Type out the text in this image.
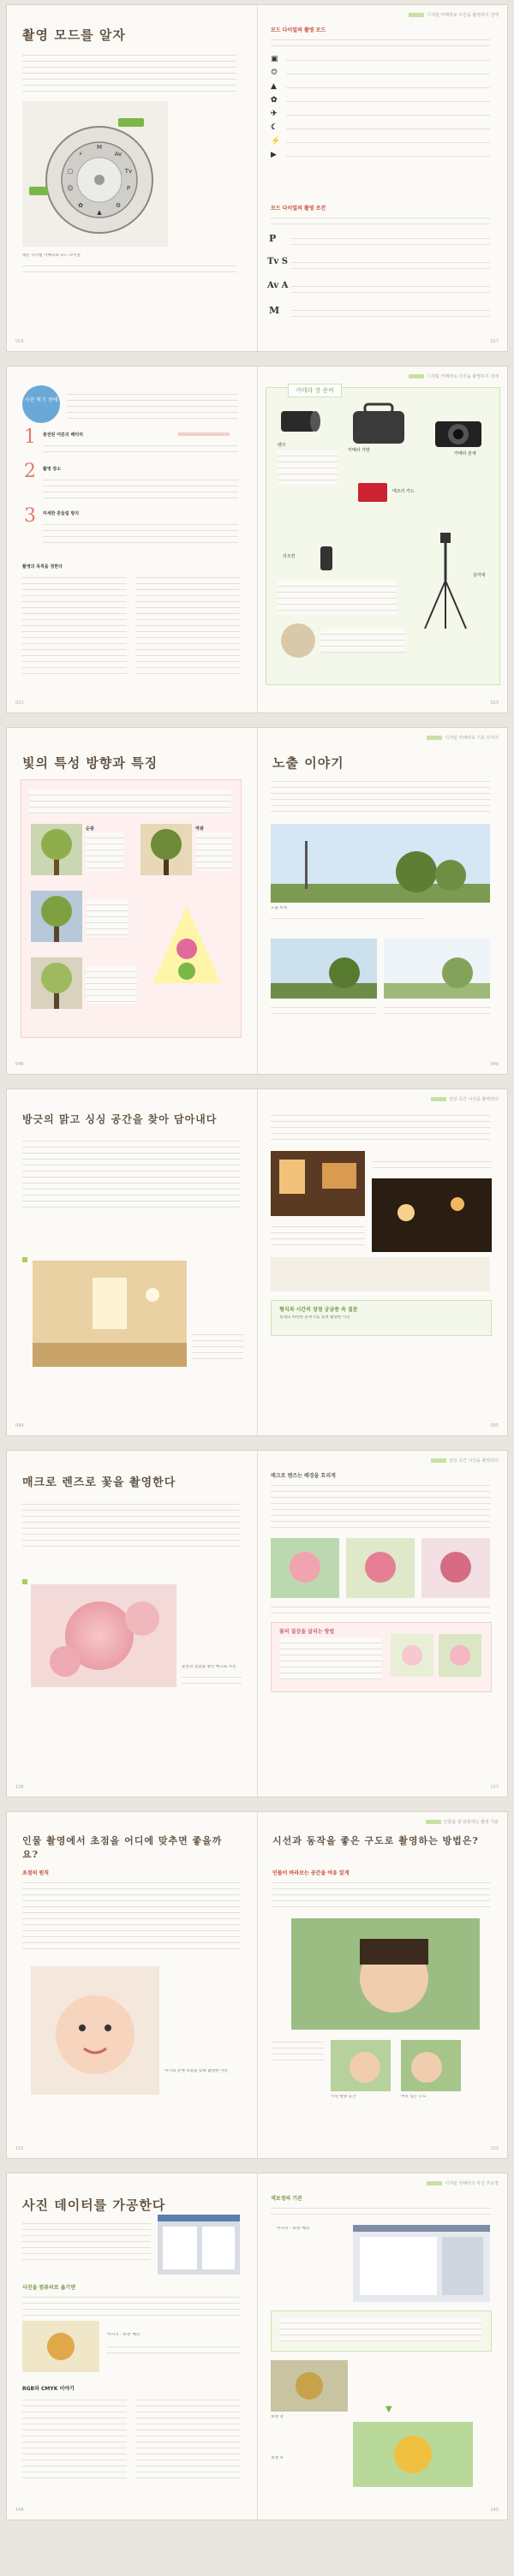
촬영 모드를 알자
M
Av
Tv
P
⚙
▲
✿
☺
▢
⚡
캐논 디지털 카메라의 모드 다이얼
016
디지털 카메라로 사진을 촬영하기 전에
모드 다이얼의 촬영 모드
▣
☺
▲
✿
✈
☾
⚡
▶
모드 다이얼의 촬영 조건
P
Tv S
Av A
M
017
사진 찍기 전에
1 충전된 여분의 배터리
2 촬영 장소
3 미세한 흔들림 방지
촬영의 목적을 정한다
022
디지털 카메라로 사진을 촬영하기 전에
카메라 장 준비
카메라 가방
카메라 본체
렌즈
메모리 카드
삼각대
리모컨
023
빛의 특성 방향과 특징
순광	역광
048
디지털 카메라로 기초 다지기
노출 이야기
노출 보정
049
방긋의 맑고 싱싱 공간을 찾아 담아내다
094
일상 공간 사진을 촬영하다
형식과 시간의 장점 궁금증 속 질문
실내의 따뜻한 분위기를 살려 촬영한 사진
095
매크로 렌즈로 꽃을 촬영한다
꽃잎의 질감을 살린 매크로 사진
126
일상 공간 사진을 촬영하다
매크로 렌즈는 배경을 흐리게
꽃의 질감을 살리는 방법
127
인물 촬영에서 초점을 어디에 맞추면 좋을까요?
초점의 원칙
아기의 눈에 초점을 맞춰 촬영한 사진
132
인물을 잘 표현하는 촬영 기술
시선과 동작을 좋은 구도로 촬영하는 방법은?
인물이 바라보는 공간을 여유 있게
시선 방향 공간	여유 있는 구도
133
사진 데이터를 가공한다
사진을 컴퓨터로 옮기면
'이미지 - 보정' 메뉴
RGB와 CMYK 이야기
144
디지털 카메라의 사진 후보정
색보정의 기본
'이미지 - 보정' 메뉴
보정 전
▼
보정 후
145
